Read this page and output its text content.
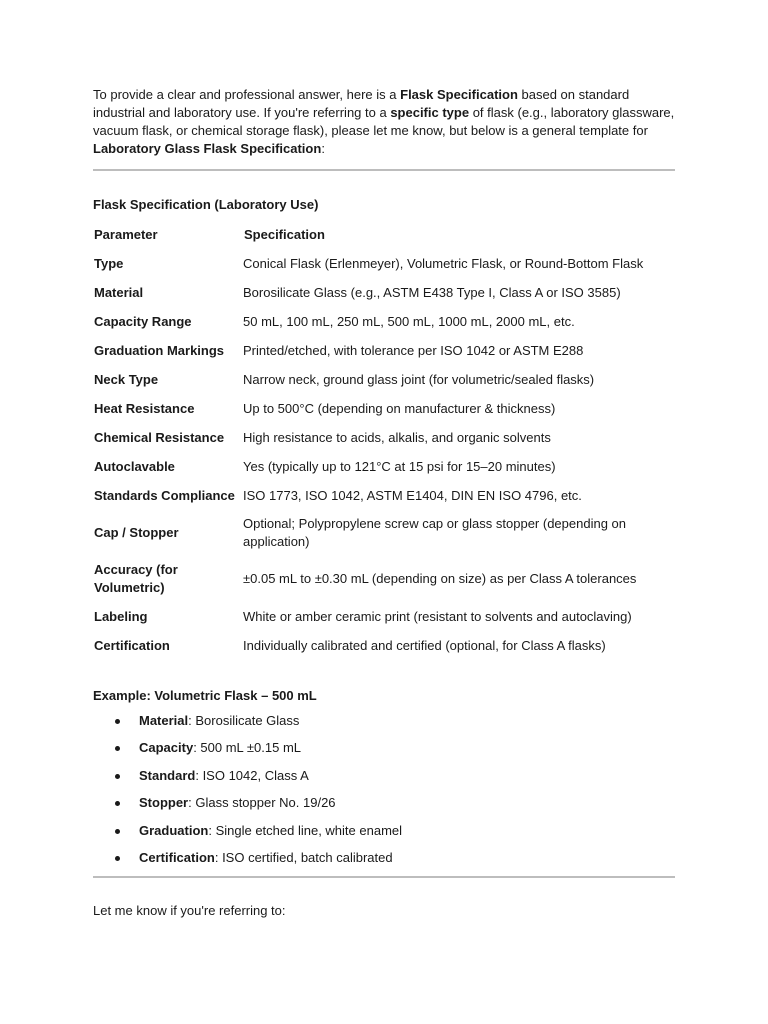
To provide a clear and professional answer, here is a Flask Specification based on standard industrial and laboratory use. If you're referring to a specific type of flask (e.g., laboratory glassware, vacuum flask, or chemical storage flask), please let me know, but below is a general template for Laboratory Glass Flask Specification:

Flask Specification (Laboratory Use)
Parameter	Specification
Type	Conical Flask (Erlenmeyer), Volumetric Flask, or Round-Bottom Flask
Material	Borosilicate Glass (e.g., ASTM E438 Type I, Class A or ISO 3585)
Capacity Range	50 mL, 100 mL, 250 mL, 500 mL, 1000 mL, 2000 mL, etc.
Graduation Markings	Printed/etched, with tolerance per ISO 1042 or ASTM E288
Neck Type	Narrow neck, ground glass joint (for volumetric/sealed flasks)
Heat Resistance	Up to 500°C (depending on manufacturer & thickness)
Chemical Resistance	High resistance to acids, alkalis, and organic solvents
Autoclavable	Yes (typically up to 121°C at 15 psi for 15–20 minutes)
Standards Compliance	ISO 1773, ISO 1042, ASTM E1404, DIN EN ISO 4796, etc.
Cap / Stopper	Optional; Polypropylene screw cap or glass stopper (depending on application)
Accuracy (for Volumetric)	±0.05 mL to ±0.30 mL (depending on size) as per Class A tolerances
Labeling	White or amber ceramic print (resistant to solvents and autoclaving)
Certification	Individually calibrated and certified (optional, for Class A flasks)
Example: Volumetric Flask – 500 mL
Material: Borosilicate Glass
Capacity: 500 mL ±0.15 mL
Standard: ISO 1042, Class A
Stopper: Glass stopper No. 19/26
Graduation: Single etched line, white enamel
Certification: ISO certified, batch calibrated

Let me know if you're referring to:
